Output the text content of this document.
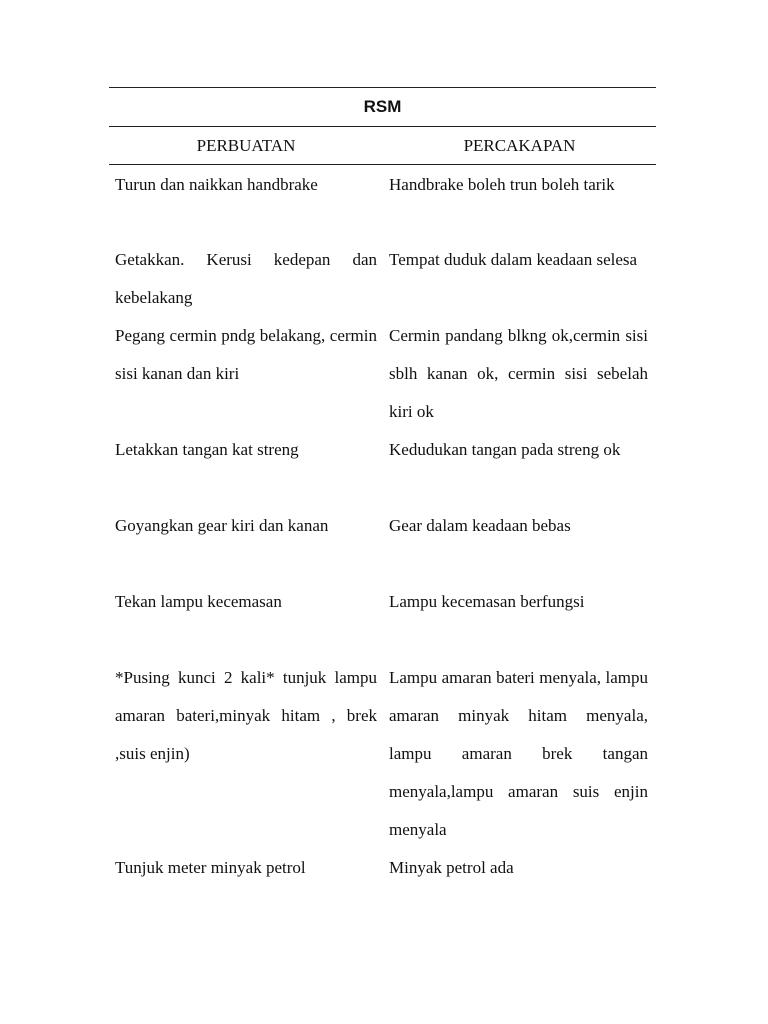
RSM	
PERBUATAN	PERCAKAPAN
Turun dan naikkan handbrake	Handbrake boleh trun boleh tarik
Getakkan. Kerusi kedepan dan kebelakang	Tempat duduk dalam keadaan selesa
Pegang cermin pndg belakang, cermin sisi kanan dan kiri	Cermin pandang blkng ok,cermin sisi sblh kanan ok, cermin sisi sebelah kiri ok
Letakkan tangan kat streng	Kedudukan tangan pada streng ok
Goyangkan gear kiri dan kanan	Gear dalam keadaan bebas
Tekan lampu kecemasan	Lampu kecemasan berfungsi
*Pusing kunci 2 kali* tunjuk lampu amaran bateri,minyak hitam , brek ,suis enjin)	Lampu amaran bateri menyala, lampu amaran minyak hitam menyala, lampu amaran brek tangan menyala,lampu amaran suis enjin menyala
Tunjuk meter minyak petrol	Minyak petrol ada
